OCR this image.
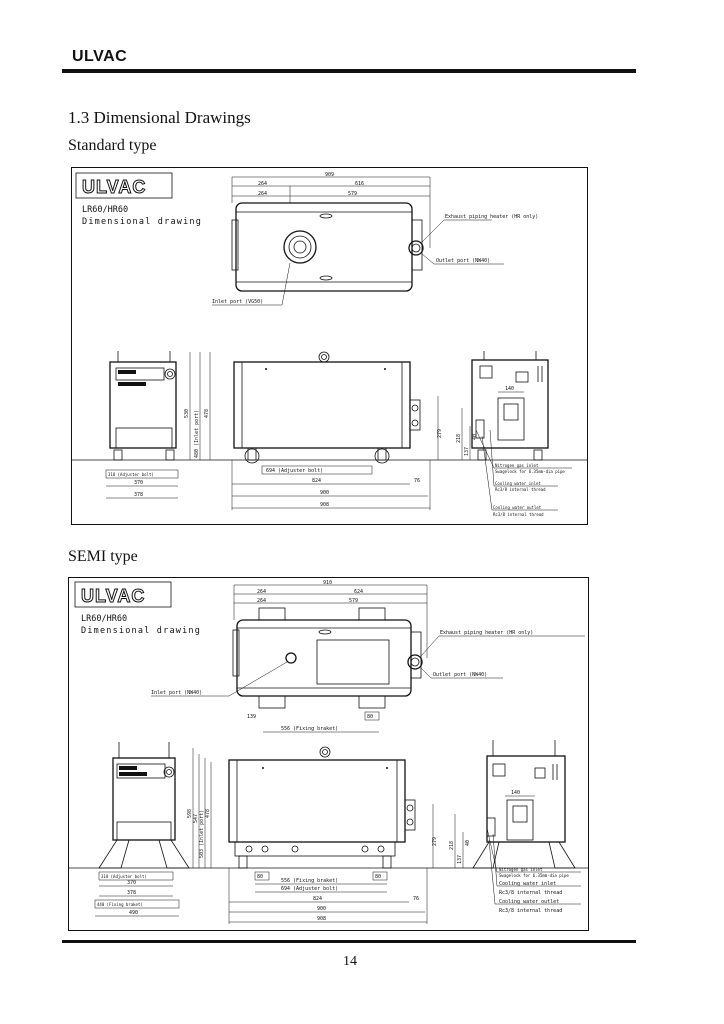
ULVAC
1.3 Dimensional Drawings
Standard type
ULVAC
LR60/HR60
Dimensional drawing
909
264	616
264	579
Exhaust piping heater (HR only)
Outlet port (NW40)
Inlet port (VG50)
318 (Adjuster bolt)
370
378
530 480 (Inlet port) 478
694 (Adjuster bolt)
824	76
900
908
279
140
218
137
40
Nitrogen gas inlet
Swagelock for 6.35mm-dia pipe
Cooling water inlet
Rc3/8 internal thread
Cooling water outlet
Rc3/8 internal thread
SEMI type
ULVAC
LR60/HR60
Dimensional drawing
910
264	624
264	579
Exhaust piping heater (HR only)
Outlet port (NW40)
Inlet port (NW40)
139	80
556 (Fixing braket)
318 (Adjuster bolt)
370
378
440 (Fixing braket)
490
598
547 503 (Inlet port) 478
80	80
556 (Fixing braket)
694 (Adjuster bolt)
824	76
900
908
279
140
218
137
40
Nitrogen gas inlet
Swagelock for 6.35mm-dia pipe
Cooling water inlet
Rc3/8 internal thread
Cooling water outlet
Rc3/8 internal thread
14
